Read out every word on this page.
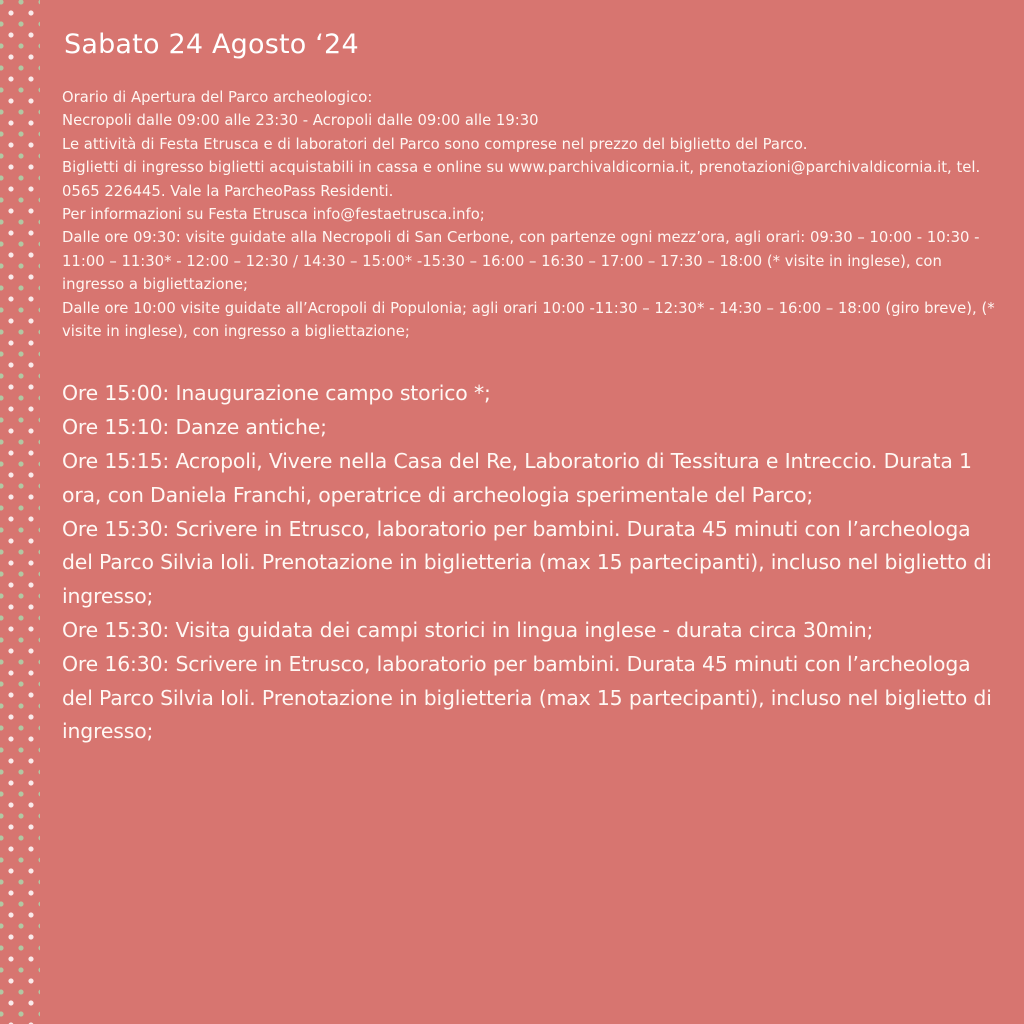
Sabato 24 Agosto ‘24
Orario di Apertura del Parco archeologico:
Necropoli dalle 09:00 alle 23:30 - Acropoli dalle 09:00 alle 19:30
Le attività di Festa Etrusca e di laboratori del Parco sono comprese nel prezzo del biglietto del Parco.
Biglietti di ingresso biglietti acquistabili in cassa e online su www.parchivaldicornia.it, prenotazioni@parchivaldicornia.it, tel. 0565 226445. Vale la ParcheoPass Residenti.
Per informazioni su Festa Etrusca info@festaetrusca.info;
Dalle ore 09:30: visite guidate alla Necropoli di San Cerbone, con partenze ogni mezz’ora, agli orari: 09:30 – 10:00 - 10:30 - 11:00 – 11:30* - 12:00 – 12:30 / 14:30 – 15:00* -15:30 – 16:00 – 16:30 – 17:00 – 17:30 – 18:00 (* visite in inglese), con ingresso a bigliettazione;
Dalle ore 10:00 visite guidate all’Acropoli di Populonia; agli orari 10:00 -11:30 – 12:30* - 14:30 – 16:00 – 18:00 (giro breve), (* visite in inglese), con ingresso a bigliettazione;
Ore 15:00: Inaugurazione campo storico *;
Ore 15:10: Danze antiche;
Ore 15:15: Acropoli, Vivere nella Casa del Re, Laboratorio di Tessitura e Intreccio. Durata 1 ora, con Daniela Franchi, operatrice di archeologia sperimentale del Parco;
Ore 15:30: Scrivere in Etrusco, laboratorio per bambini. Durata 45 minuti con l’archeologa del Parco Silvia Ioli. Prenotazione in biglietteria (max 15 partecipanti), incluso nel biglietto di ingresso;
Ore 15:30: Visita guidata dei campi storici in lingua inglese - durata circa 30min;
Ore 16:30: Scrivere in Etrusco, laboratorio per bambini. Durata 45 minuti con l’archeologa del Parco Silvia Ioli. Prenotazione in biglietteria (max 15 partecipanti), incluso nel biglietto di ingresso;
